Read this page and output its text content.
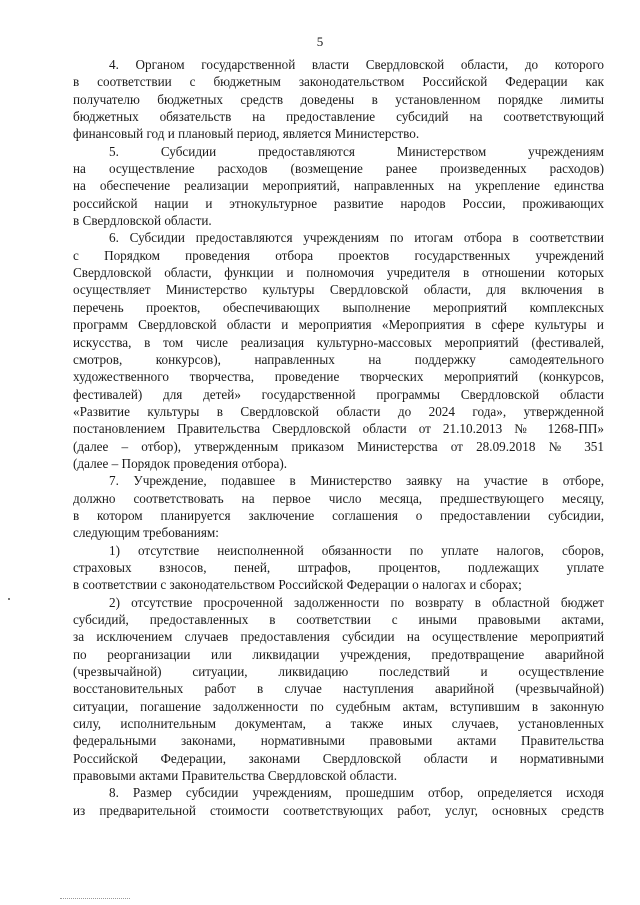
5
4. Органом государственной власти Свердловской области, до которого
в соответствии с бюджетным законодательством Российской Федерации как
получателю бюджетных средств доведены в установленном порядке лимиты
бюджетных обязательств на предоставление субсидий на соответствующий
финансовый год и плановый период, является Министерство.
5. Субсидии предоставляются Министерством учреждениям
на осуществление расходов (возмещение ранее произведенных расходов)
на обеспечение реализации мероприятий, направленных на укрепление единства
российской нации и этнокультурное развитие народов России, проживающих
в Свердловской области.
6. Субсидии предоставляются учреждениям по итогам отбора в соответствии
с Порядком проведения отбора проектов государственных учреждений
Свердловской области, функции и полномочия учредителя в отношении которых
осуществляет Министерство культуры Свердловской области, для включения в
перечень проектов, обеспечивающих выполнение мероприятий комплексных
программ Свердловской области и мероприятия «Мероприятия в сфере культуры и
искусства, в том числе реализация культурно-массовых мероприятий (фестивалей,
смотров, конкурсов), направленных на поддержку самодеятельного
художественного творчества, проведение творческих мероприятий (конкурсов,
фестивалей) для детей» государственной программы Свердловской области
«Развитие культуры в Свердловской области до 2024 года», утвержденной
постановлением Правительства Свердловской области от 21.10.2013 № 1268-ПП»
(далее – отбор), утвержденным приказом Министерства от 28.09.2018 № 351
(далее – Порядок проведения отбора).
7. Учреждение, подавшее в Министерство заявку на участие в отборе,
должно соответствовать на первое число месяца, предшествующего месяцу,
в котором планируется заключение соглашения о предоставлении субсидии,
следующим требованиям:
1) отсутствие неисполненной обязанности по уплате налогов, сборов,
страховых взносов, пеней, штрафов, процентов, подлежащих уплате
в соответствии с законодательством Российской Федерации о налогах и сборах;
2) отсутствие просроченной задолженности по возврату в областной бюджет
субсидий, предоставленных в соответствии с иными правовыми актами,
за исключением случаев предоставления субсидии на осуществление мероприятий
по реорганизации или ликвидации учреждения, предотвращение аварийной
(чрезвычайной) ситуации, ликвидацию последствий и осуществление
восстановительных работ в случае наступления аварийной (чрезвычайной)
ситуации, погашение задолженности по судебным актам, вступившим в законную
силу, исполнительным документам, а также иных случаев, установленных
федеральными законами, нормативными правовыми актами Правительства
Российской Федерации, законами Свердловской области и нормативными
правовыми актами Правительства Свердловской области.
8. Размер субсидии учреждениям, прошедшим отбор, определяется исходя
из предварительной стоимости соответствующих работ, услуг, основных средств
